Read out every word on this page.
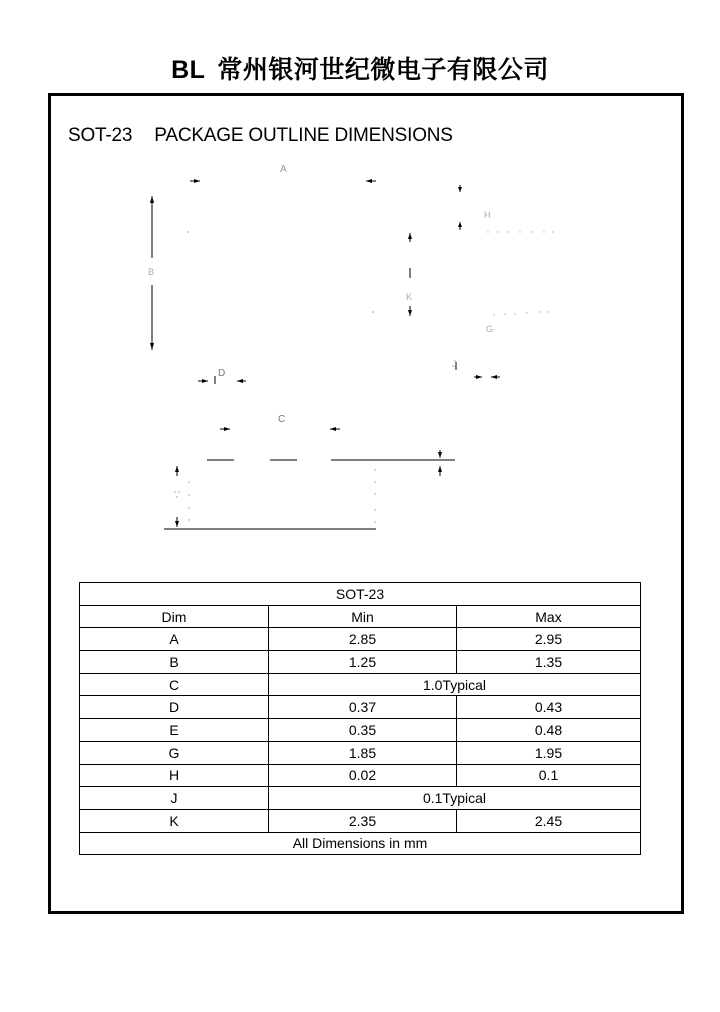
BL 常州银河世纪微电子有限公司
SOT-23 PACKAGE OUTLINE DIMENSIONS
A
B
H
K
G
J
D
C
E
SOT-23		
Dim	Min	Max
A	2.85	2.95
B	1.25	1.35
C	1.0Typical	
D	0.37	0.43
E	0.35	0.48
G	1.85	1.95
H	0.02	0.1
J	0.1Typical	
K	2.35	2.45
All Dimensions in mm		
